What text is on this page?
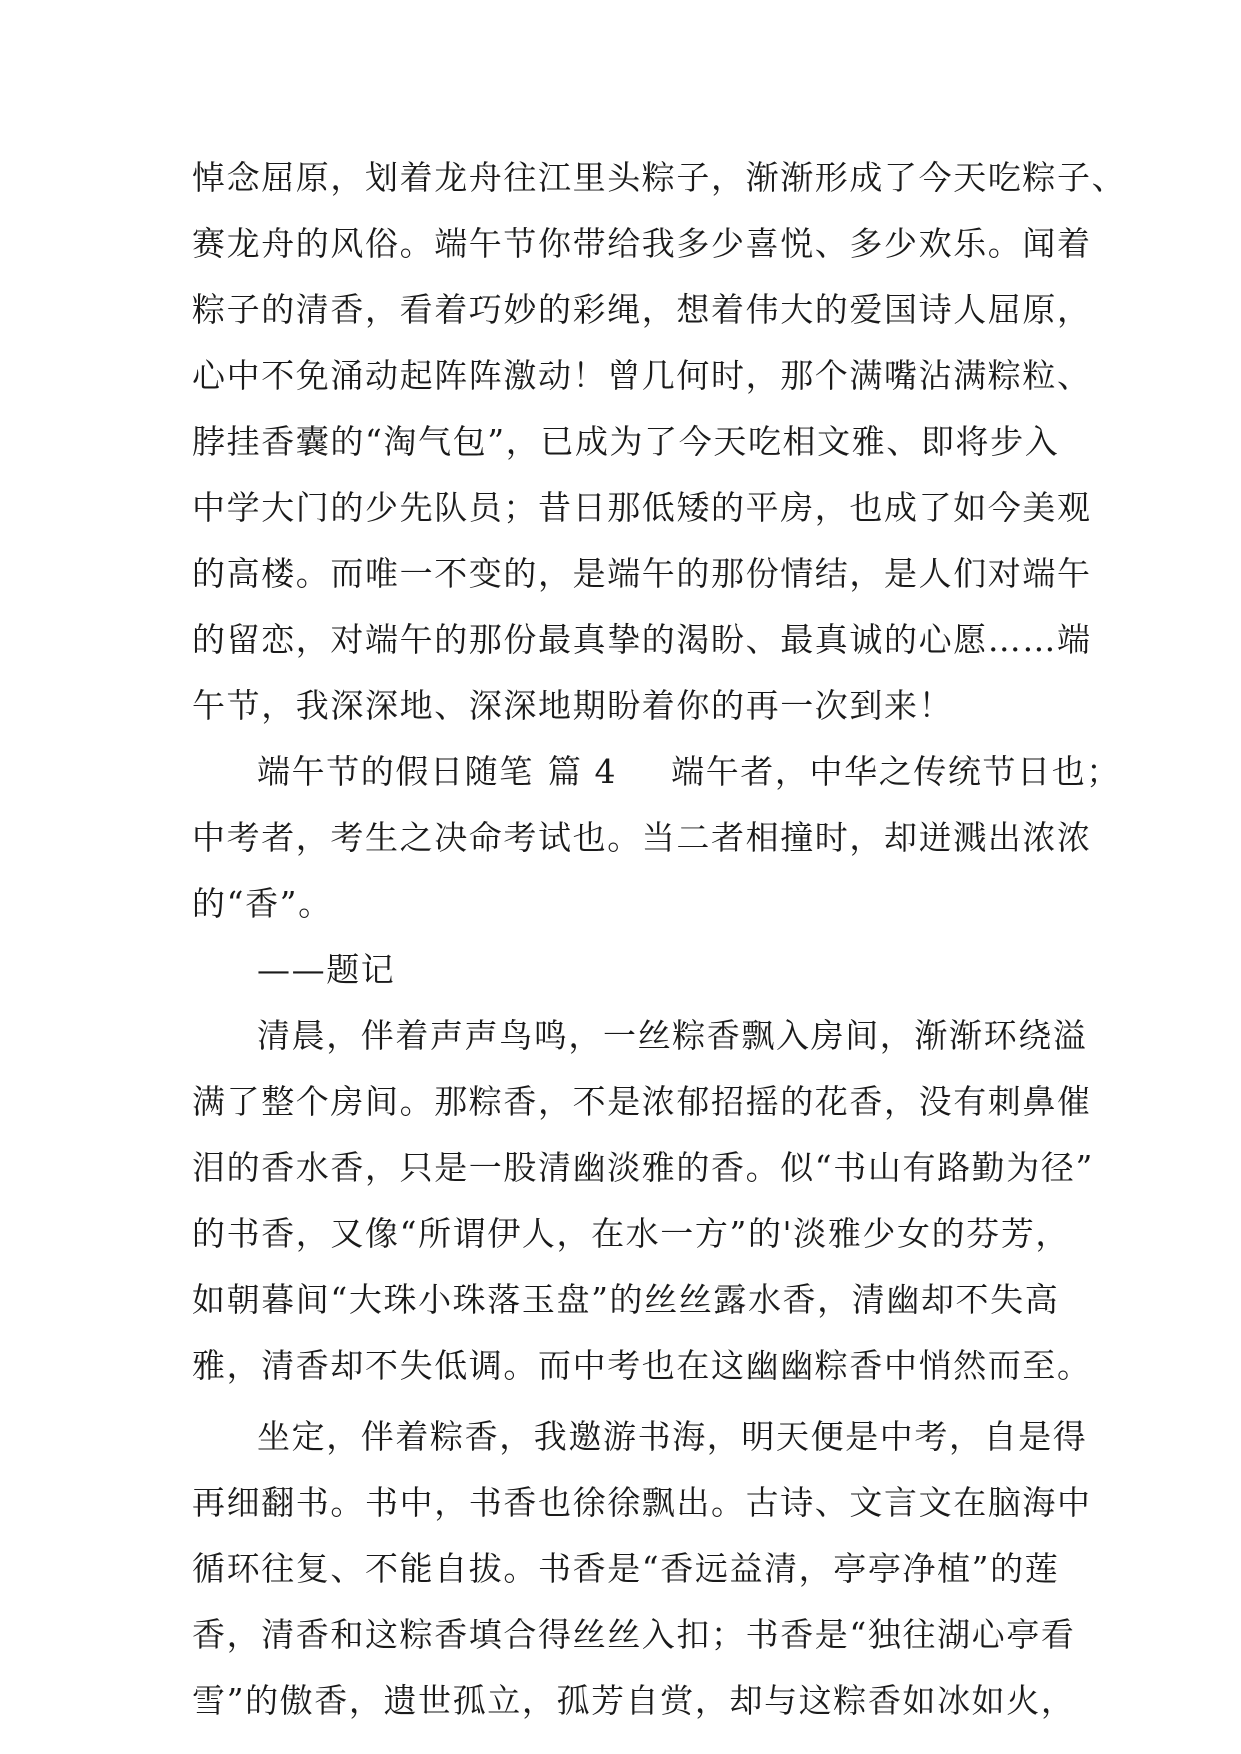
悼念屈原，划着龙舟往江里头粽子，渐渐形成了今天吃粽子、
赛龙舟的风俗。端午节你带给我多少喜悦、多少欢乐。闻着
粽子的清香，看着巧妙的彩绳，想着伟大的爱国诗人屈原，
心中不免涌动起阵阵激动！曾几何时，那个满嘴沾满粽粒、
脖挂香囊的“淘气包”，已成为了今天吃相文雅、即将步入
中学大门的少先队员；昔日那低矮的平房，也成了如今美观
的高楼。而唯一不变的，是端午的那份情结，是人们对端午
的留恋，对端午的那份最真挚的渴盼、最真诚的心愿……端
午节，我深深地、深深地期盼着你的再一次到来！
端午节的假日随笔 篇 4 端午者，中华之传统节日也；
中考者，考生之决命考试也。当二者相撞时，却迸溅出浓浓
的“香”。
——题记
清晨，伴着声声鸟鸣，一丝粽香飘入房间，渐渐环绕溢
满了整个房间。那粽香，不是浓郁招摇的花香，没有刺鼻催
泪的香水香，只是一股清幽淡雅的香。似“书山有路勤为径”
的书香，又像“所谓伊人，在水一方”的'淡雅少女的芬芳，
如朝暮间“大珠小珠落玉盘”的丝丝露水香，清幽却不失高
雅，清香却不失低调。而中考也在这幽幽粽香中悄然而至。
坐定，伴着粽香，我邀游书海，明天便是中考，自是得
再细翻书。书中，书香也徐徐飘出。古诗、文言文在脑海中
循环往复、不能自拔。书香是“香远益清，亭亭净植”的莲
香，清香和这粽香填合得丝丝入扣；书香是“独往湖心亭看
雪”的傲香，遗世孤立，孤芳自赏，却与这粽香如冰如火，
